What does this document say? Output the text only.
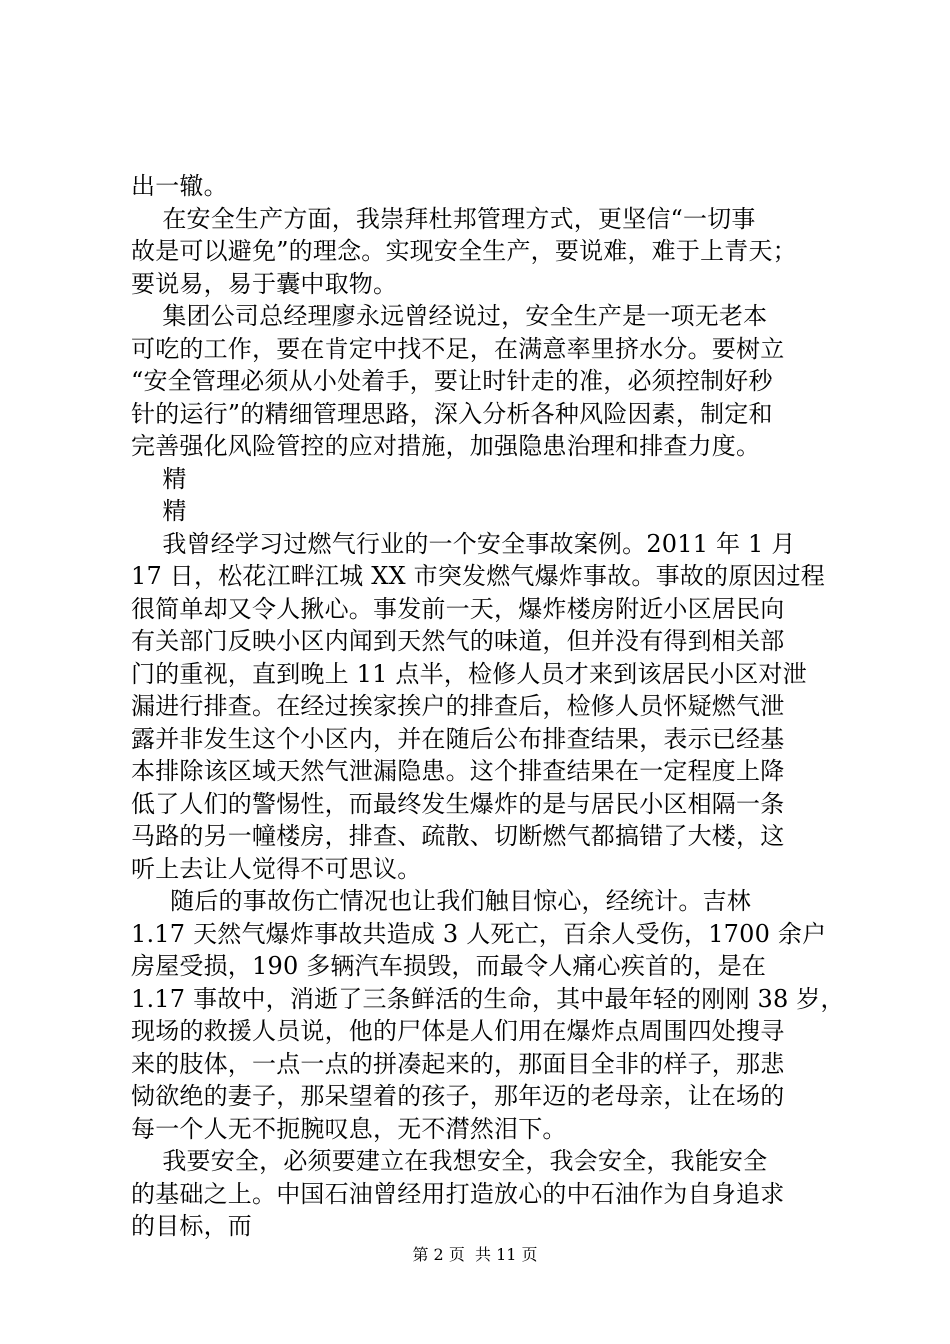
出一辙。
在安全生产方面，我崇拜杜邦管理方式，更坚信“一切事
故是可以避免”的理念。实现安全生产，要说难，难于上青天；
要说易，易于囊中取物。
集团公司总经理廖永远曾经说过，安全生产是一项无老本
可吃的工作，要在肯定中找不足，在满意率里挤水分。要树立
“安全管理必须从小处着手，要让时针走的准，必须控制好秒
针的运行”的精细管理思路，深入分析各种风险因素，制定和
完善强化风险管控的应对措施，加强隐患治理和排查力度。
精
精
我曾经学习过燃气行业的一个安全事故案例。2011 年 1 月
17 日，松花江畔江城 XX 市突发燃气爆炸事故。事故的原因过程
很简单却又令人揪心。事发前一天，爆炸楼房附近小区居民向
有关部门反映小区内闻到天然气的味道，但并没有得到相关部
门的重视，直到晚上 11 点半，检修人员才来到该居民小区对泄
漏进行排查。在经过挨家挨户的排查后，检修人员怀疑燃气泄
露并非发生这个小区内，并在随后公布排查结果，表示已经基
本排除该区域天然气泄漏隐患。这个排查结果在一定程度上降
低了人们的警惕性，而最终发生爆炸的是与居民小区相隔一条
马路的另一幢楼房，排查、疏散、切断燃气都搞错了大楼，这
听上去让人觉得不可思议。
随后的事故伤亡情况也让我们触目惊心，经统计。吉林
1.17 天然气爆炸事故共造成 3 人死亡，百余人受伤，1700 余户
房屋受损，190 多辆汽车损毁，而最令人痛心疾首的，是在
1.17 事故中，消逝了三条鲜活的生命，其中最年轻的刚刚 38 岁，
现场的救援人员说，他的尸体是人们用在爆炸点周围四处搜寻
来的肢体，一点一点的拼凑起来的，那面目全非的样子，那悲
恸欲绝的妻子，那呆望着的孩子，那年迈的老母亲，让在场的
每一个人无不扼腕叹息，无不潸然泪下。
我要安全，必须要建立在我想安全，我会安全，我能安全
的基础之上。中国石油曾经用打造放心的中石油作为自身追求
的目标，而
第 2 页  共 11 页
